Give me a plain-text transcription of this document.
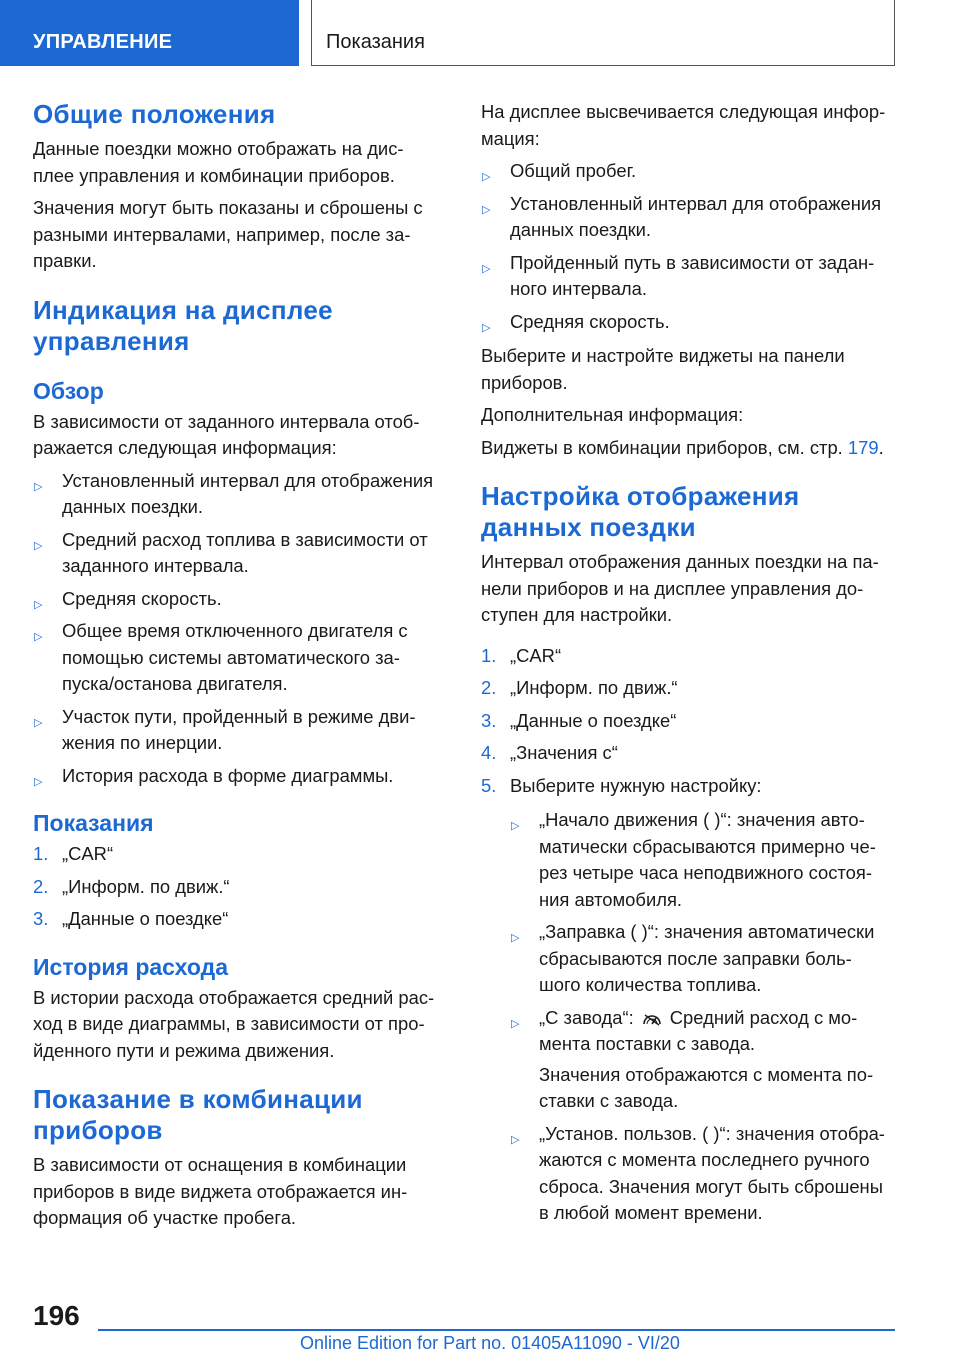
УПРАВЛЕНИЕ	Показания
Общие положения

Данные поездки можно отображать на дис- плее управления и комбинации приборов.

Значения могут быть показаны и сброшены с разными интервалами, например, после за- правки.

Индикация на дисплее управления
Обзор

В зависимости от заданного интервала отоб- ражается следующая информация:

▷ Установленный интервал для отображения данных поездки.
▷ Средний расход топлива в зависимости от заданного интервала.
▷ Средняя скорость.
▷ Общее время отключенного двигателя с помощью системы автоматического за- пуска/останова двигателя.
▷ Участок пути, пройденный в режиме дви- жения по инерции.
▷ История расхода в форме диаграммы.
Показания
1. „CAR“
2. „Информ. по движ.“
3. „Данные о поездке“
История расхода

В истории расхода отображается средний рас- ход в виде диаграммы, в зависимости от про- йденного пути и режима движения.

Показание в комбинации приборов

В зависимости от оснащения в комбинации приборов в виде виджета отображается ин- формация об участке пробега.

На дисплее высвечивается следующая инфор- мация:

▷ Общий пробег.
▷ Установленный интервал для отображения данных поездки.
▷ Пройденный путь в зависимости от задан- ного интервала.
▷ Средняя скорость.

Выберите и настройте виджеты на панели приборов.

Дополнительная информация:

Виджеты в комбинации приборов, см. стр. 179.

Настройка отображения данных поездки

Интервал отображения данных поездки на па- нели приборов и на дисплее управления до- ступен для настройки.

1. „CAR“
2. „Информ. по движ.“
3. „Данные о поездке“
4. „Значения с“
5. Выберите нужную настройку:
▷ „Начало движения ( )“: значения авто- матически сбрасываются примерно че- рез четыре часа неподвижного состоя- ния автомобиля.
▷ „Заправка ( )“: значения автоматически сбрасываются после заправки боль- шого количества топлива.
▷ „С завода“: Средний расход с мо- мента поставки с завода.
Значения отображаются с момента по- ставки с завода.
▷ „Установ. пользов. ( )“: значения отобра- жаются с момента последнего ручного сброса. Значения могут быть сброшены в любой момент времени.
196
Online Edition for Part no. 01405A11090 - VI/20
